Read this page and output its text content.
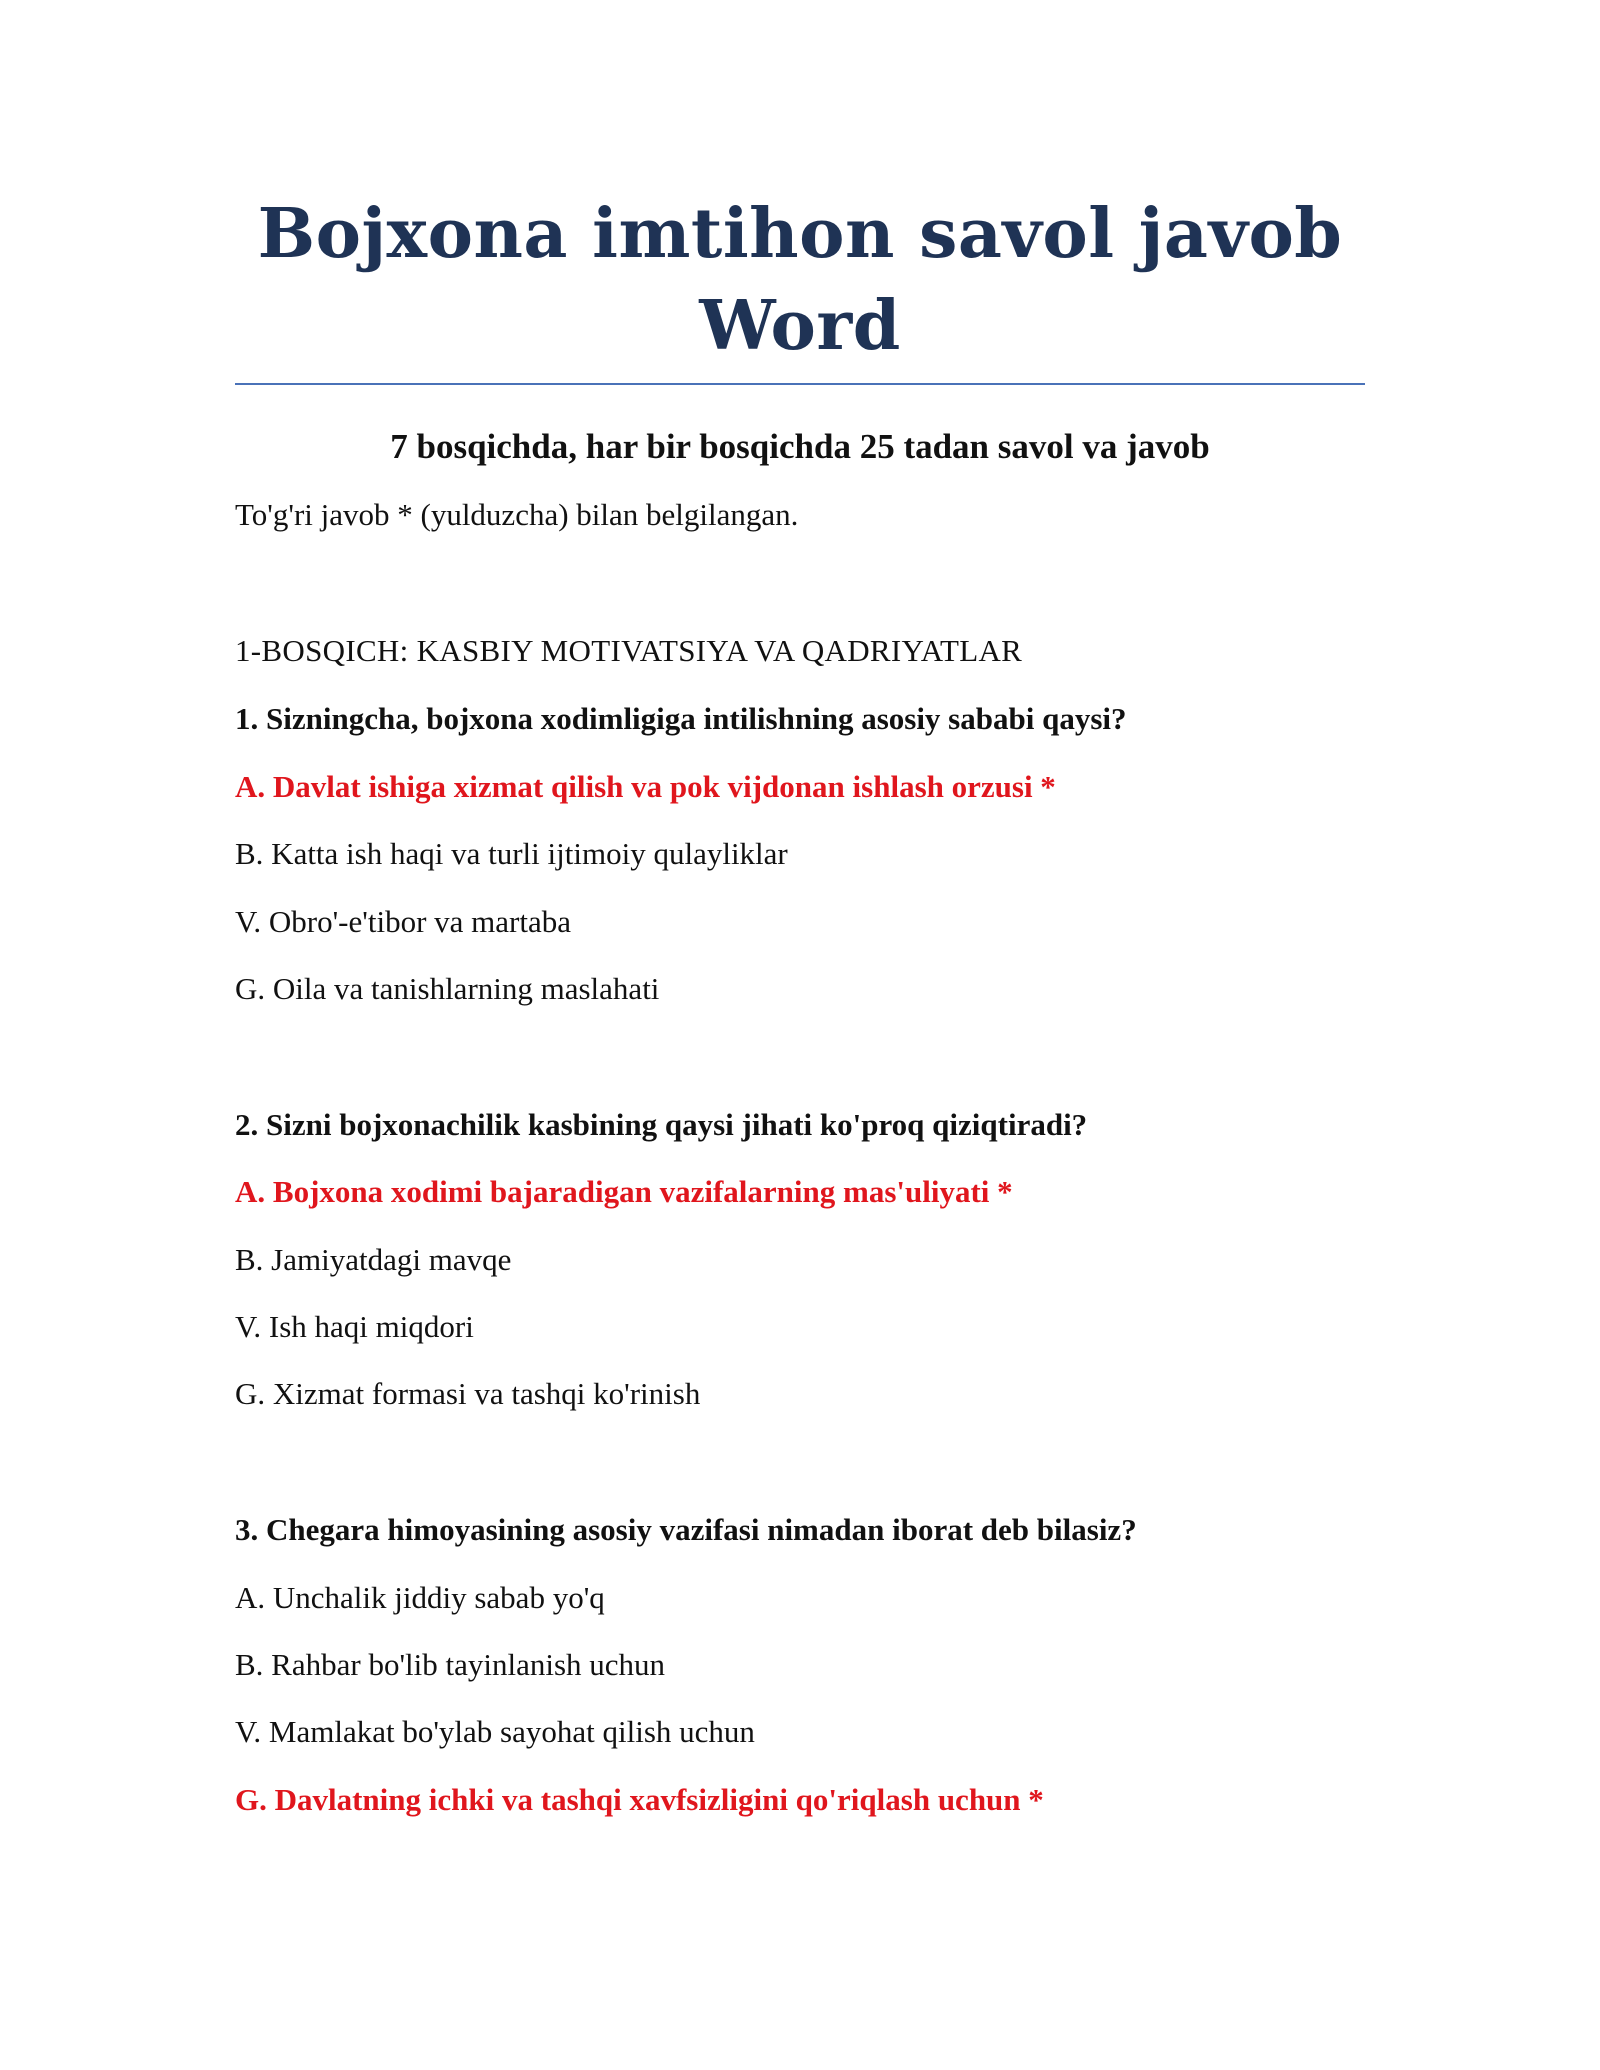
Bojxona imtihon savol javob
Word
7 bosqichda, har bir bosqichda 25 tadan savol va javob
To'g'ri javob * (yulduzcha) bilan belgilangan.
1-BOSQICH: KASBIY MOTIVATSIYA VA QADRIYATLAR
1. Sizningcha, bojxona xodimligiga intilishning asosiy sababi qaysi?
A. Davlat ishiga xizmat qilish va pok vijdonan ishlash orzusi *
B. Katta ish haqi va turli ijtimoiy qulayliklar
V. Obro'-e'tibor va martaba
G. Oila va tanishlarning maslahati
2. Sizni bojxonachilik kasbining qaysi jihati ko'proq qiziqtiradi?
A. Bojxona xodimi bajaradigan vazifalarning mas'uliyati *
B. Jamiyatdagi mavqe
V. Ish haqi miqdori
G. Xizmat formasi va tashqi ko'rinish
3. Chegara himoyasining asosiy vazifasi nimadan iborat deb bilasiz?
A. Unchalik jiddiy sabab yo'q
B. Rahbar bo'lib tayinlanish uchun
V. Mamlakat bo'ylab sayohat qilish uchun
G. Davlatning ichki va tashqi xavfsizligini qo'riqlash uchun *
